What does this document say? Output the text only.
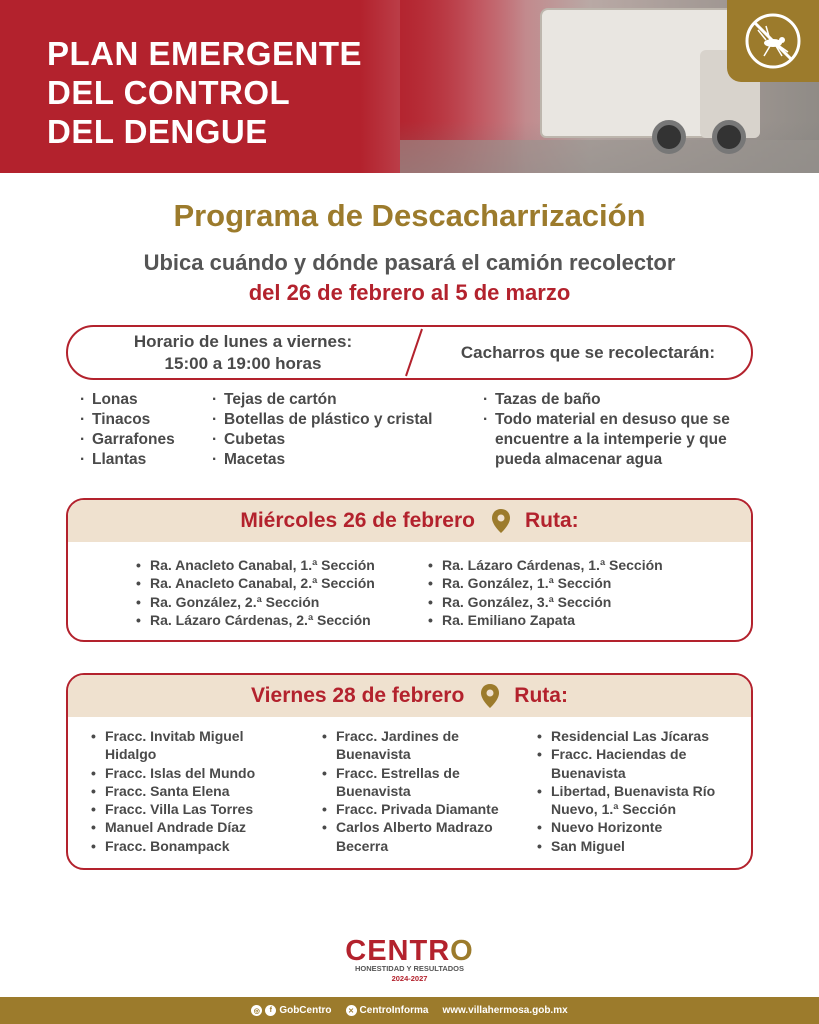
PLAN EMERGENTE
DEL CONTROL
DEL DENGUE
Programa de Descacharrización
Ubica cuándo y dónde pasará el camión recolector
del 26 de febrero al 5 de marzo
Horario de lunes a viernes:
15:00 a 19:00 horas
Cacharros que se recolectarán:
· Lonas
· Tinacos
· Garrafones
· Llantas
· Tejas de cartón
· Botellas de plástico y cristal
· Cubetas
· Macetas
· Tazas de baño
· Todo material en desuso que se encuentre a la intemperie y que pueda almacenar agua
Miércoles 26 de febrero Ruta:
• Ra. Anacleto Canabal, 1.ª Sección
• Ra. Anacleto Canabal, 2.ª Sección
• Ra. González, 2.ª Sección
• Ra. Lázaro Cárdenas, 2.ª Sección
• Ra. Lázaro Cárdenas, 1.ª Sección
• Ra. González, 1.ª Sección
• Ra. González, 3.ª Sección
• Ra. Emiliano Zapata
Viernes 28 de febrero Ruta:
• Fracc. Invitab Miguel Hidalgo
• Fracc. Islas del Mundo
• Fracc. Santa Elena
• Fracc. Villa Las Torres
• Manuel Andrade Díaz
• Fracc. Bonampack
• Fracc. Jardines de Buenavista
• Fracc. Estrellas de Buenavista
• Fracc. Privada Diamante
• Carlos Alberto Madrazo Becerra
• Residencial Las Jícaras
• Fracc. Haciendas de Buenavista
• Libertad, Buenavista Río Nuevo, 1.ª Sección
• Nuevo Horizonte
• San Miguel
CENTRO
HONESTIDAD Y RESULTADOS
2024-2027
◎	f GobCentro	✕ CentroInforma www.villahermosa.gob.mx
